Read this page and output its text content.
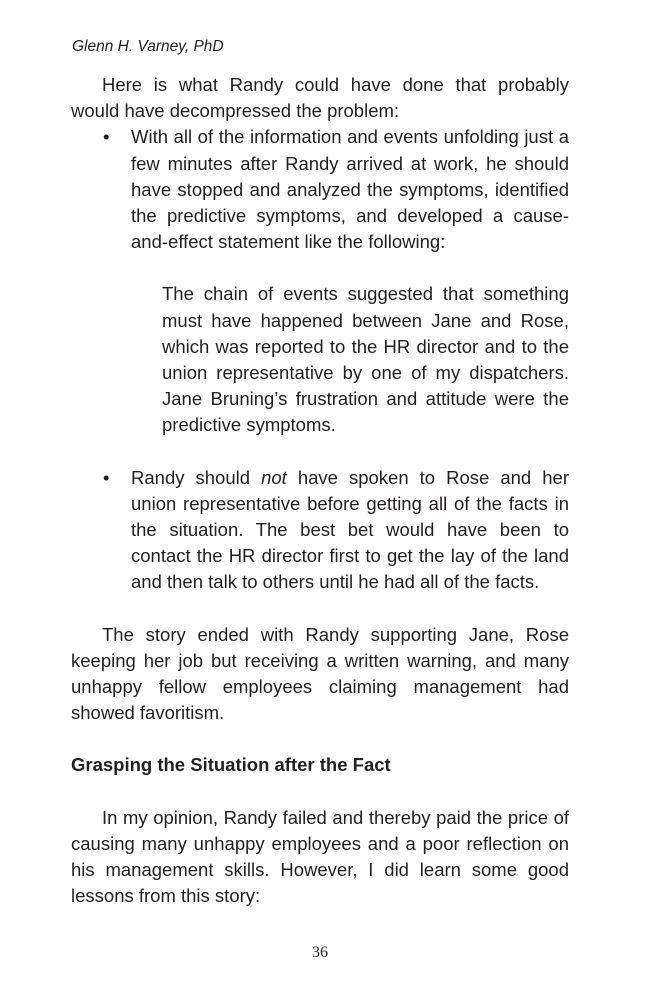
Glenn H. Varney, PhD

Here is what Randy could have done that probably would have decompressed the problem:

• With all of the information and events unfolding just a few minutes after Randy arrived at work, he should have stopped and analyzed the symptoms, identified the predictive symptoms, and developed a cause-and-effect statement like the following:

The chain of events suggested that something must have happened between Jane and Rose, which was reported to the HR director and to the union representative by one of my dispatchers. Jane Bruning’s frustration and attitude were the predictive symptoms.

• Randy should not have spoken to Rose and her union representative before getting all of the facts in the situation. The best bet would have been to contact the HR director first to get the lay of the land and then talk to others until he had all of the facts.

The story ended with Randy supporting Jane, Rose keeping her job but receiving a written warning, and many unhappy fellow employees claiming management had showed favoritism.

Grasping the Situation after the Fact

In my opinion, Randy failed and thereby paid the price of causing many unhappy employees and a poor reflection on his management skills. However, I did learn some good lessons from this story:

36
